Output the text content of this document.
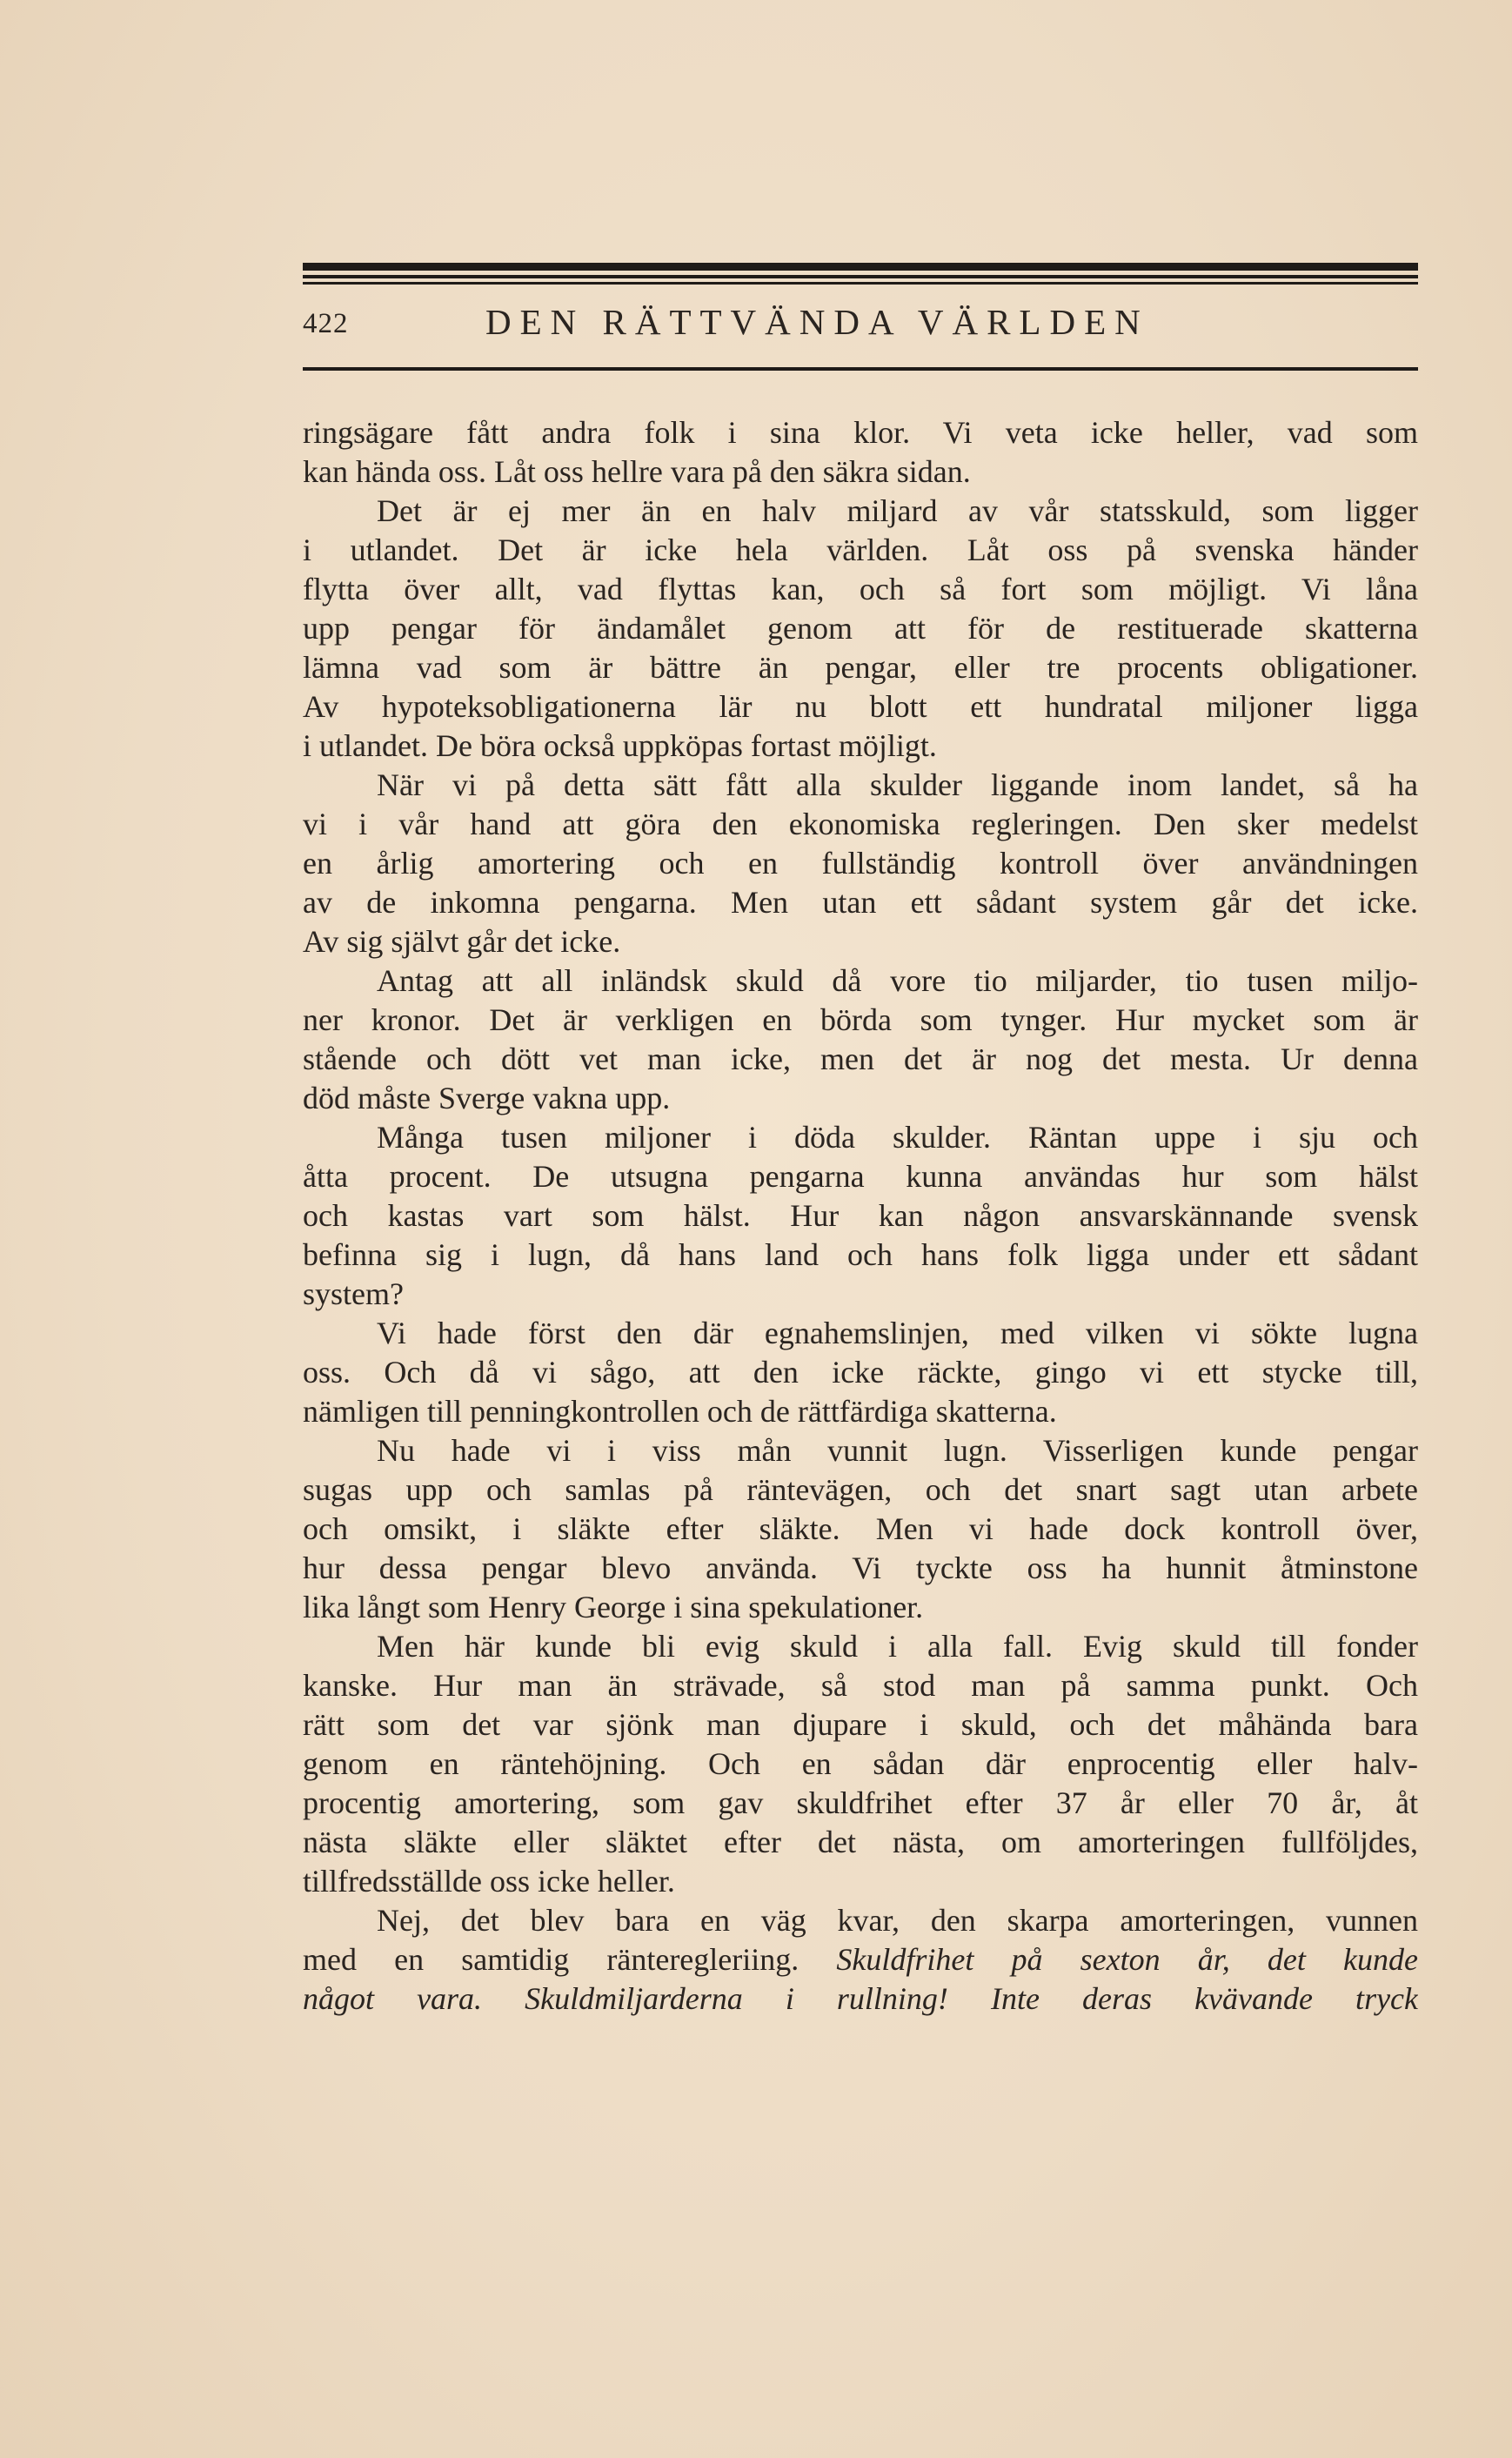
422	DEN RÄTTVÄNDA VÄRLDEN
ringsägare fått andra folk i sina klor. Vi veta icke heller, vad som
kan hända oss. Låt oss hellre vara på den säkra sidan.
Det är ej mer än en halv miljard av vår statsskuld, som ligger
i utlandet. Det är icke hela världen. Låt oss på svenska händer
flytta över allt, vad flyttas kan, och så fort som möjligt. Vi låna
upp pengar för ändamålet genom att för de restituerade skatterna
lämna vad som är bättre än pengar, eller tre procents obligationer.
Av hypoteksobligationerna lär nu blott ett hundratal miljoner ligga
i utlandet. De böra också uppköpas fortast möjligt.
När vi på detta sätt fått alla skulder liggande inom landet, så ha
vi i vår hand att göra den ekonomiska regleringen. Den sker medelst
en årlig amortering och en fullständig kontroll över användningen
av de inkomna pengarna. Men utan ett sådant system går det icke.
Av sig självt går det icke.
Antag att all inländsk skuld då vore tio miljarder, tio tusen miljo-
ner kronor. Det är verkligen en börda som tynger. Hur mycket som är
stående och dött vet man icke, men det är nog det mesta. Ur denna
död måste Sverge vakna upp.
Många tusen miljoner i döda skulder. Räntan uppe i sju och
åtta procent. De utsugna pengarna kunna användas hur som hälst
och kastas vart som hälst. Hur kan någon ansvarskännande svensk
befinna sig i lugn, då hans land och hans folk ligga under ett sådant
system?
Vi hade först den där egnahemslinjen, med vilken vi sökte lugna
oss. Och då vi sågo, att den icke räckte, gingo vi ett stycke till,
nämligen till penningkontrollen och de rättfärdiga skatterna.
Nu hade vi i viss mån vunnit lugn. Visserligen kunde pengar
sugas upp och samlas på räntevägen, och det snart sagt utan arbete
och omsikt, i släkte efter släkte. Men vi hade dock kontroll över,
hur dessa pengar blevo använda. Vi tyckte oss ha hunnit åtminstone
lika långt som Henry George i sina spekulationer.
Men här kunde bli evig skuld i alla fall. Evig skuld till fonder
kanske. Hur man än strävade, så stod man på samma punkt. Och
rätt som det var sjönk man djupare i skuld, och det måhända bara
genom en räntehöjning. Och en sådan där enprocentig eller halv-
procentig amortering, som gav skuldfrihet efter 37 år eller 70 år, åt
nästa släkte eller släktet efter det nästa, om amorteringen fullföljdes,
tillfredsställde oss icke heller.
Nej, det blev bara en väg kvar, den skarpa amorteringen, vunnen
med en samtidig ränteregleriing. Skuldfrihet på sexton år, det kunde
något vara. Skuldmiljarderna i rullning! Inte deras kvävande tryck
